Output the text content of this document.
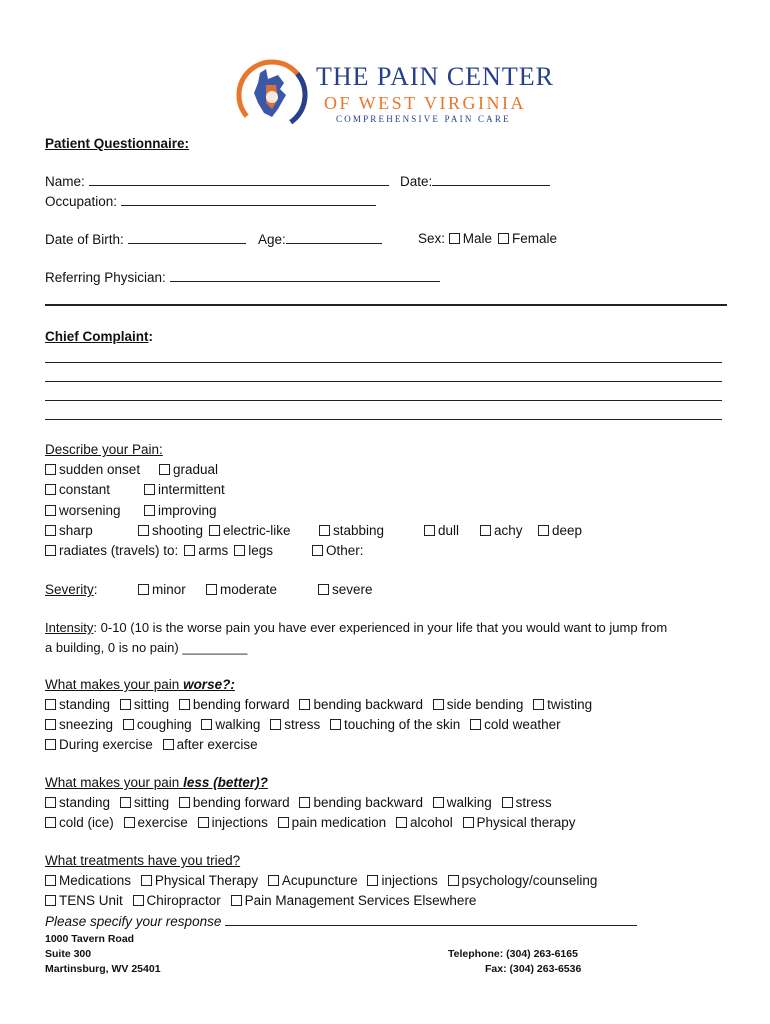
THE PAIN CENTER
OF WEST VIRGINIA
COMPREHENSIVE PAIN CARE
Patient Questionnaire:
Name:	Date:
Occupation:
Date of Birth:	Age:	Sex: Male Female
Referring Physician:
Chief Complaint:
Describe your Pain:
sudden onset	gradual
constant	intermittent
worsening	improving
sharp	shooting electric-like	stabbing	dull	achy	deep
radiates (travels) to: arms legs	Other:
Severity:	minor	moderate	severe
Intensity: 0-10 (10 is the worse pain you have ever experienced in your life that you would want to jump from
a building, 0 is no pain) _________
What makes your pain worse?:
standing sitting bending forward bending backward side bending twisting
sneezing coughing walking stress touching of the skin cold weather
During exercise after exercise
What makes your pain less (better)?
standing sitting bending forward bending backward walking stress
cold (ice) exercise injections pain medication alcohol Physical therapy
What treatments have you tried?
Medications Physical Therapy Acupuncture injections psychology/counseling
TENS Unit Chiropractor Pain Management Services Elsewhere
Please specify your response
1000 Tavern Road
Suite 300
Martinsburg, WV 25401
Telephone: (304) 263-6165
Fax: (304) 263-6536
